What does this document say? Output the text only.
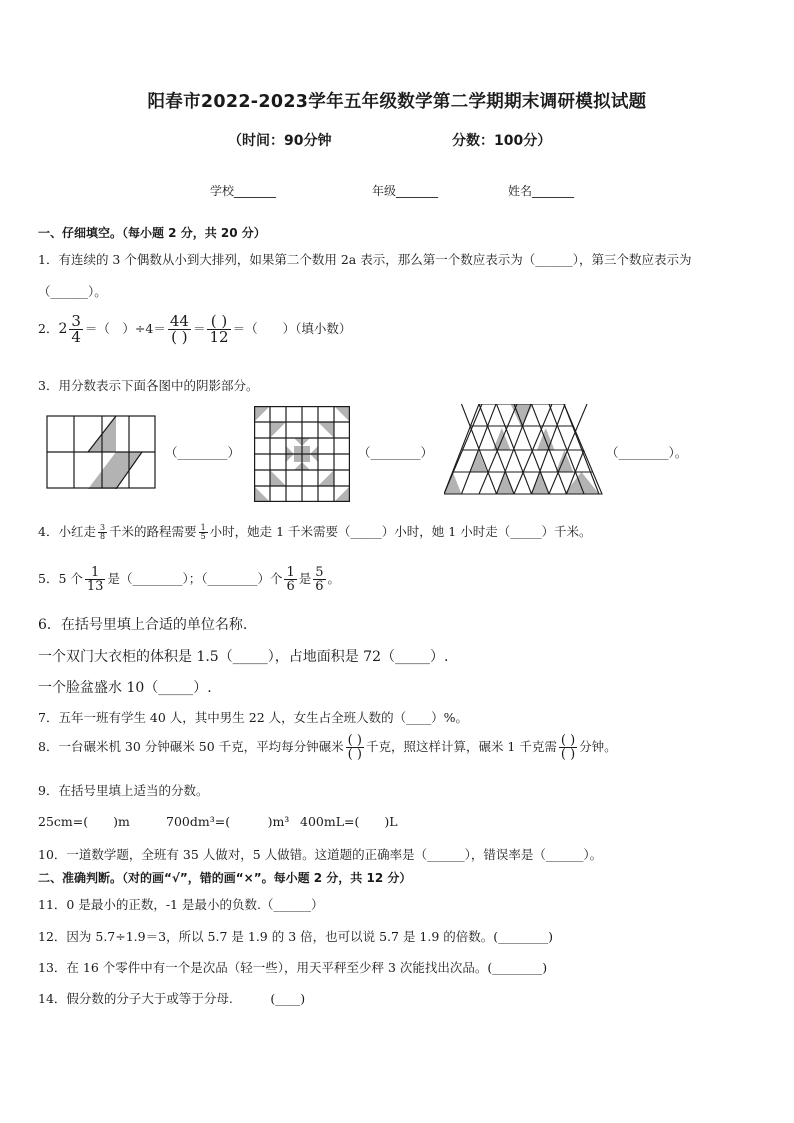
阳春市2022-2023学年五年级数学第二学期期末调研模拟试题
（时间：90分钟	分数：100分）
学校_______	年级_______	姓名_______
一、仔细填空。（每小题 2 分，共 20 分）
1．有连续的 3 个偶数从小到大排列，如果第二个数用 2a 表示，那么第一个数应表示为（______），第三个数应表示为
（______）。
2．$2 \frac{3}{4}$ ＝（　）$\div 4= \frac{44}{( )} = \frac{( )}{12}$ ＝（　　）（填小数）
3．用分数表示下面各图中的阴影部分。
（________）	（________）	（________）。
4．小红走 $\frac{3}{8}$ 千米的路程需要 $\frac{1}{5}$ 小时，她走 1 千米需要（_____）小时，她 1 小时走（_____）千米。
5．5 个 $\frac{1}{13}$ 是（________）；（________）个 $\frac{1}{6}$ 是 $\frac{5}{6}$ 。
6．在括号里填上合适的单位名称.
一个双门大衣柜的体积是 1.5（_____），占地面积是 72（_____）.
一个脸盆盛水 10（_____）.
7．五年一班有学生 40 人，其中男生 22 人，女生占全班人数的（____）%。
8．一台碾米机 30 分钟碾米 50 千克，平均每分钟碾米 $\frac{( )}{( )}$ 千克，照这样计算，碾米 1 千克需 $\frac{( )}{( )}$ 分钟。
9．在括号里填上适当的分数。
25cm=(　　)m	700dm³=(　　　)m³ 400mL=(　　)L
10．一道数学题，全班有 35 人做对，5 人做错。这道题的正确率是（______），错误率是（______）。
二、准确判断。（对的画“√”，错的画“×”。每小题 2 分，共 12 分）
11．0 是最小的正数，-1 是最小的负数.（______）
12．因为 5.7÷1.9＝3，所以 5.7 是 1.9 的 3 倍，也可以说 5.7 是 1.9 的倍数。(________)
13．在 16 个零件中有一个是次品（轻一些），用天平秤至少秤 3 次能找出次品。(________)
14．假分数的分子大于或等于分母.　　　(____)
